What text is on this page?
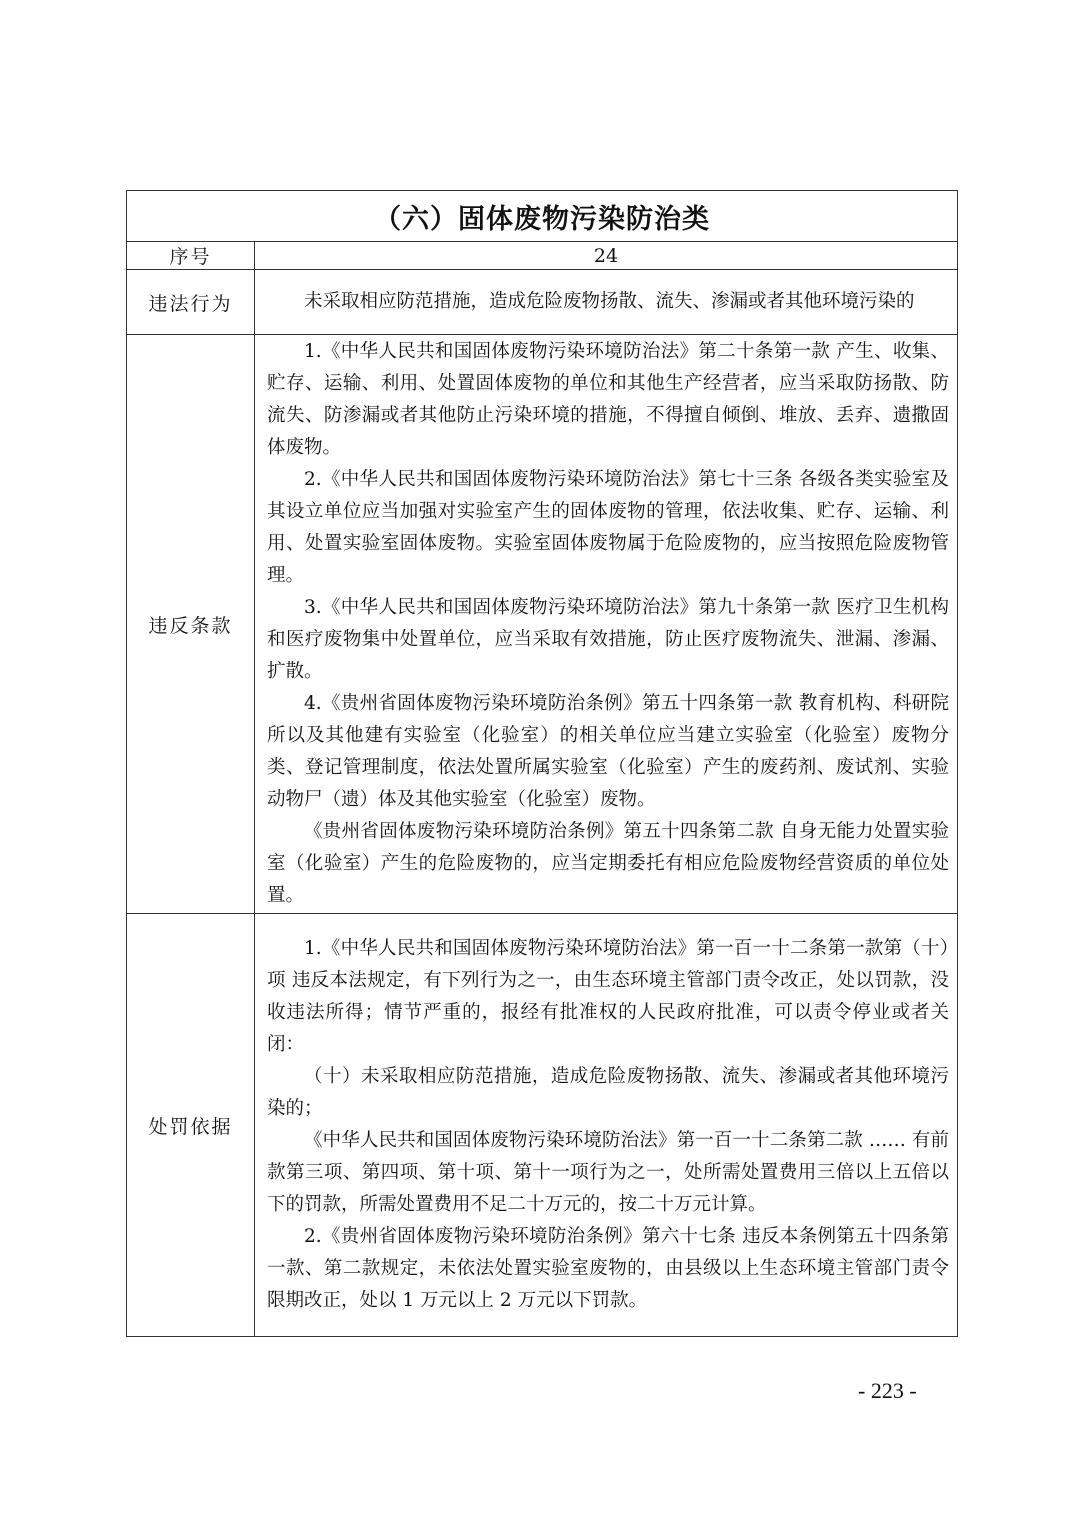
（六）固体废物污染防治类	
序号	24
违法行为	未采取相应防范措施，造成危险废物扬散、流失、渗漏或者其他环境污染的

违反条款	1.《中华人民共和国固体废物污染环境防治法》第二十条第一款 产生、收集、贮存、运输、利用、处置固体废物的单位和其他生产经营者，应当采取防扬散、防流失、防渗漏或者其他防止污染环境的措施，不得擅自倾倒、堆放、丢弃、遗撒固体废物。

2.《中华人民共和国固体废物污染环境防治法》第七十三条 各级各类实验室及其设立单位应当加强对实验室产生的固体废物的管理，依法收集、贮存、运输、利用、处置实验室固体废物。实验室固体废物属于危险废物的，应当按照危险废物管理。

3.《中华人民共和国固体废物污染环境防治法》第九十条第一款 医疗卫生机构和医疗废物集中处置单位，应当采取有效措施，防止医疗废物流失、泄漏、渗漏、扩散。

4.《贵州省固体废物污染环境防治条例》第五十四条第一款 教育机构、科研院所以及其他建有实验室（化验室）的相关单位应当建立实验室（化验室）废物分类、登记管理制度，依法处置所属实验室（化验室）产生的废药剂、废试剂、实验动物尸（遗）体及其他实验室（化验室）废物。

《贵州省固体废物污染环境防治条例》第五十四条第二款 自身无能力处置实验室（化验室）产生的危险废物的，应当定期委托有相应危险废物经营资质的单位处置。

处罚依据	1.《中华人民共和国固体废物污染环境防治法》第一百一十二条第一款第（十）项 违反本法规定，有下列行为之一，由生态环境主管部门责令改正，处以罚款，没收违法所得；情节严重的，报经有批准权的人民政府批准，可以责令停业或者关闭：

（十）未采取相应防范措施，造成危险废物扬散、流失、渗漏或者其他环境污染的；

《中华人民共和国固体废物污染环境防治法》第一百一十二条第二款 …… 有前款第三项、第四项、第十项、第十一项行为之一，处所需处置费用三倍以上五倍以下的罚款，所需处置费用不足二十万元的，按二十万元计算。

2.《贵州省固体废物污染环境防治条例》第六十七条 违反本条例第五十四条第一款、第二款规定，未依法处置实验室废物的，由县级以上生态环境主管部门责令限期改正，处以 1 万元以上 2 万元以下罚款。

- 223 -
